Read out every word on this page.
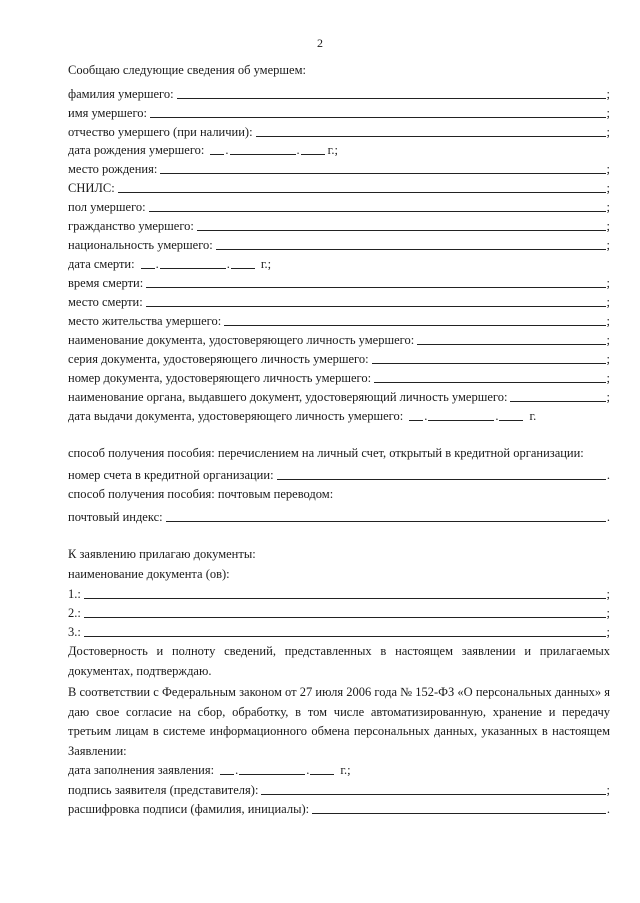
2
Сообщаю следующие сведения об умершем:
фамилия умершего:	;
имя умершего:	;
отчество умершего (при наличии):	;
дата рождения умершего: .	. г.;
место рождения:	;
СНИЛС:	;
пол умершего:	;
гражданство умершего:	;
национальность умершего:	;
дата смерти: .	.	г.;
время смерти:	;
место смерти:	;
место жительства умершего:	;
наименование документа, удостоверяющего личность умершего:	;
серия документа, удостоверяющего личность умершего:	;
номер документа, удостоверяющего личность умершего:	;
наименование органа, выдавшего документ, удостоверяющий личность умершего:	;
дата выдачи документа, удостоверяющего личность умершего: .	.	г.
способ получения пособия: перечислением на личный счет, открытый в кредитной организации:
номер счета в кредитной организации:	.
способ получения пособия: почтовым переводом:
почтовый индекс:	.
К заявлению прилагаю документы:
наименование документа (ов):
1.:	;
2.:	;
3.:	;
Достоверность и полноту сведений, представленных в настоящем заявлении и прилагаемых документах, подтверждаю.
В соответствии с Федеральным законом от 27 июля 2006 года № 152-ФЗ «О персональных данных» я даю свое согласие на сбор, обработку, в том числе автоматизированную, хранение и передачу третьим лицам в системе информационного обмена персональных данных, указанных в настоящем Заявлении:
дата заполнения заявления: .	.	г.;
подпись заявителя (представителя):	;
расшифровка подписи (фамилия, инициалы):	.
